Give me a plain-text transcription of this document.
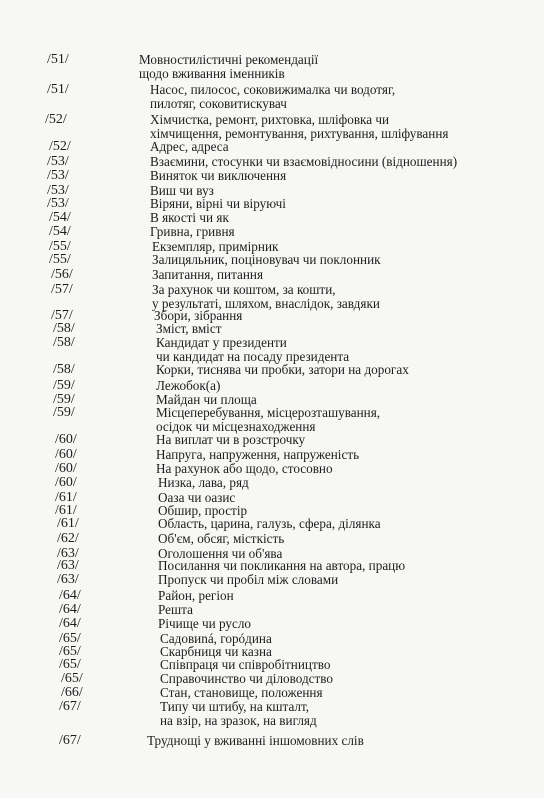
/51/	Мовностилістичні рекомендації
щодо вживання іменників
/51/	Насос, пилосос, соковижималка чи водотяг,
пилотяг, соковитискувач
/52/	Хімчистка, ремонт, рихтовка, шліфовка чи
хімчищення, ремонтування, рихтування, шліфування
/52/	Адрес, адреса
/53/	Взаємини, стосунки чи взаємовідносини (відношення)
/53/	Виняток чи виключення
/53/	Виш чи вуз
/53/	Віряни, вірні чи віруючі
/54/	В якості чи як
/54/	Гривна, гривня
/55/	Екземпляр, примірник
/55/	Залицяльник, поціновувач чи поклонник
/56/	Запитання, питання
/57/	За рахунок чи коштом, за кошти,
у результаті, шляхом, внаслідок, завдяки
/57/	Збори, зібрання
/58/	Зміст, вміст
/58/	Кандидат у президенти
чи кандидат на посаду президента
/58/	Корки, тиснява чи пробки, затори на дорогах
/59/	Лежобок(а)
/59/	Майдан чи площа
/59/	Місцеперебування, місцерозташування,
осідок чи місцезнаходження
/60/	На виплат чи в розстрочку
/60/	Напруга, напруження, напруженість
/60/	На рахунок або щодо, стосовно
/60/	Низка, лава, ряд
/61/	Оаза чи оазис
/61/	Обшир, простір
/61/	Область, царина, галузь, сфера, ділянка
/62/	Об'єм, обсяг, місткість
/63/	Оголошення чи об'ява
/63/	Посилання чи покликання на автора, працю
/63/	Пропуск чи пробіл між словами
/64/	Район, регіон
/64/	Решта
/64/	Річище чи русло
/65/	Садовиná, горóдина
/65/	Скарбниця чи казна
/65/	Співпраця чи співробітництво
/65/	Справочинство чи діловодство
/66/	Стан, становище, положення
/67/	Типу чи штибу, на кшталт,
на взір, на зразок, на вигляд
/67/	Труднощі у вживанні іншомовних слів
